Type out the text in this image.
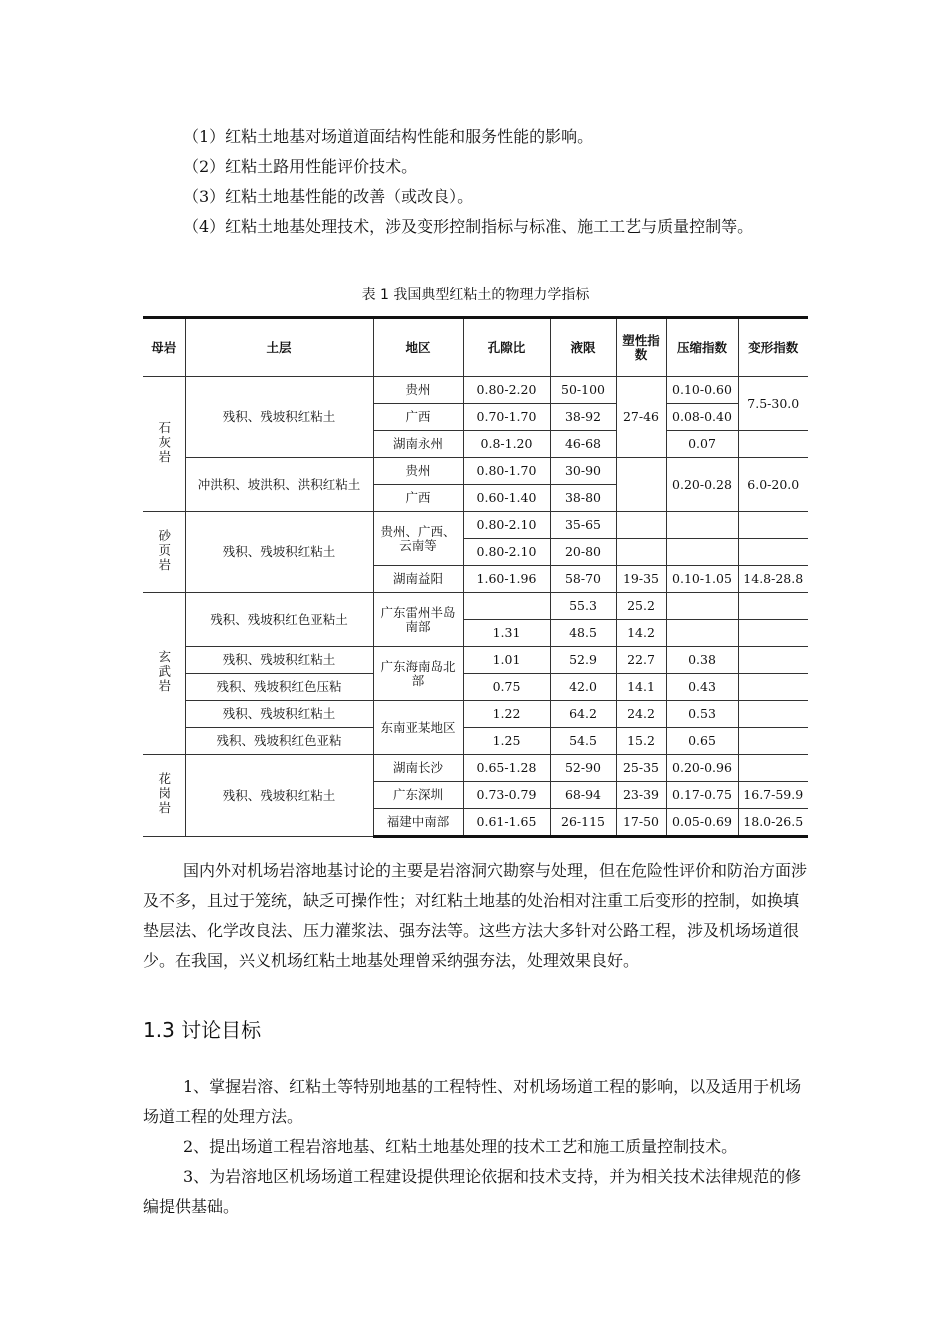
（1）红粘土地基对场道道面结构性能和服务性能的影响。

（2）红粘土路用性能评价技术。

（3）红粘土地基性能的改善（或改良）。

（4）红粘土地基处理技术，涉及变形控制指标与标准、施工工艺与质量控制等。

表 1 我国典型红粘土的物理力学指标
母岩	土层	地区	孔隙比	液限	塑性指数	压缩指数	变形指数
石灰岩	残积、残坡积红粘土	贵州	0.80-2.20	50-100	27-46	0.10-0.60	7.5-30.0
		广西	0.70-1.70	38-92		0.08-0.40	
		湖南永州	0.8-1.20	46-68		0.07	
	冲洪积、坡洪积、洪积红粘土	贵州	0.80-1.70	30-90		0.20-0.28	6.0-20.0
		广西	0.60-1.40	38-80			
砂页岩	残积、残坡积红粘土	贵州、广西、云南等	0.80-2.10	35-65			
			0.80-2.10	20-80			
		湖南益阳	1.60-1.96	58-70	19-35	0.10-1.05	14.8-28.8
玄武岩	残积、残坡积红色亚粘土	广东雷州半岛南部		55.3	25.2		
			1.31	48.5	14.2		
	残积、残坡积红粘土	广东海南岛北部	1.01	52.9	22.7	0.38	
	残积、残坡积红色压粘		0.75	42.0	14.1	0.43	
	残积、残坡积红粘土	东南亚某地区	1.22	64.2	24.2	0.53	
	残积、残坡积红色亚粘		1.25	54.5	15.2	0.65	
花岗岩	残积、残坡积红粘土	湖南长沙	0.65-1.28	52-90	25-35	0.20-0.96	
		广东深圳	0.73-0.79	68-94	23-39	0.17-0.75	16.7-59.9
		福建中南部	0.61-1.65	26-115	17-50	0.05-0.69	18.0-26.5

国内外对机场岩溶地基讨论的主要是岩溶洞穴勘察与处理，但在危险性评价和防治方面涉及不多，且过于笼统，缺乏可操作性；对红粘土地基的处治相对注重工后变形的控制，如换填垫层法、化学改良法、压力灌浆法、强夯法等。这些方法大多针对公路工程，涉及机场场道很少。在我国，兴义机场红粘土地基处理曾采纳强夯法，处理效果良好。

1.3 讨论目标

1、掌握岩溶、红粘土等特别地基的工程特性、对机场场道工程的影响，以及适用于机场场道工程的处理方法。

2、提出场道工程岩溶地基、红粘土地基处理的技术工艺和施工质量控制技术。

3、为岩溶地区机场场道工程建设提供理论依据和技术支持，并为相关技术法律规范的修编提供基础。
